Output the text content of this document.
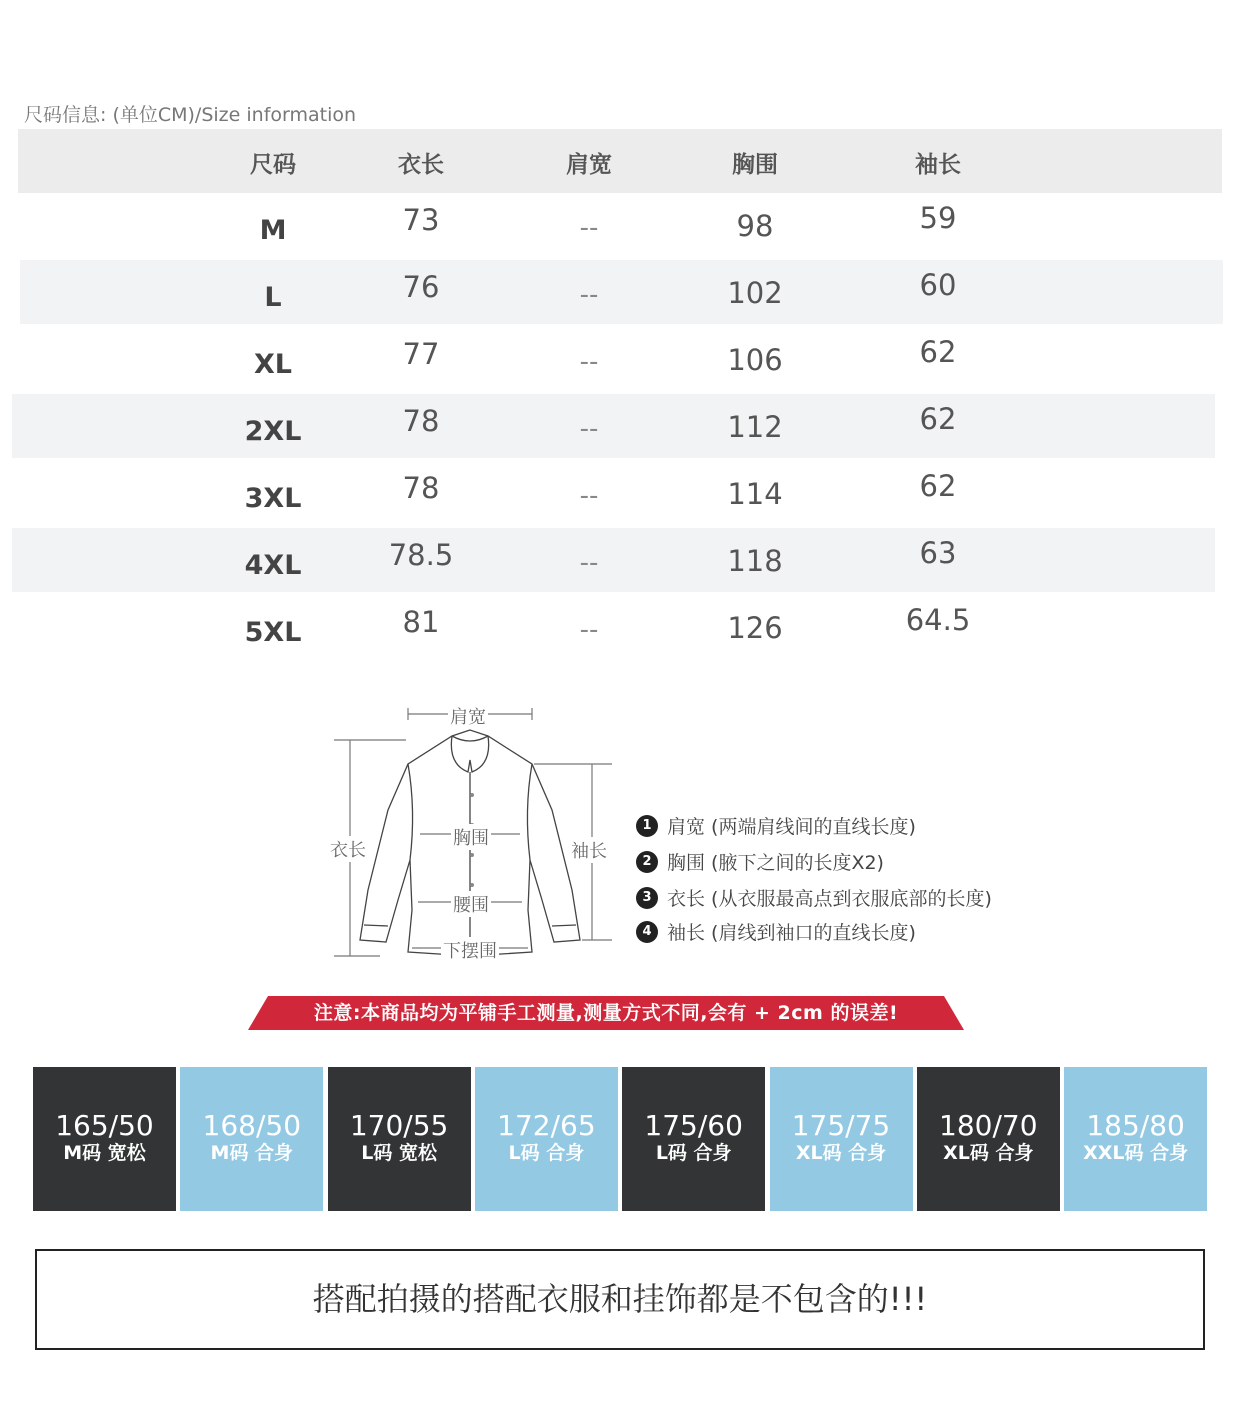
尺码信息: (单位CM)/Size information
尺码	衣长	肩宽	胸围	袖长
M	73	--	98	59
L	76	--	102	60
XL	77	--	106	62
2XL	78	--	112	62
3XL	78	--	114	62
4XL	78.5	--	118	63
5XL	81	--	126	64.5
肩宽
衣长
胸围
袖长
腰围
下摆围
1 肩宽 (两端肩线间的直线长度)
2 胸围 (腋下之间的长度X2)
3 衣长 (从衣服最高点到衣服底部的长度)
4 袖长 (肩线到袖口的直线长度)
注意:本商品均为平铺手工测量,测量方式不同,会有 + 2cm 的误差!
165/50
M码 宽松
168/50
M码 合身
170/55
L码 宽松
172/65
L码 合身
175/60
L码 合身
175/75
XL码 合身
180/70
XL码 合身
185/80
XXL码 合身
搭配拍摄的搭配衣服和挂饰都是不包含的!!!
